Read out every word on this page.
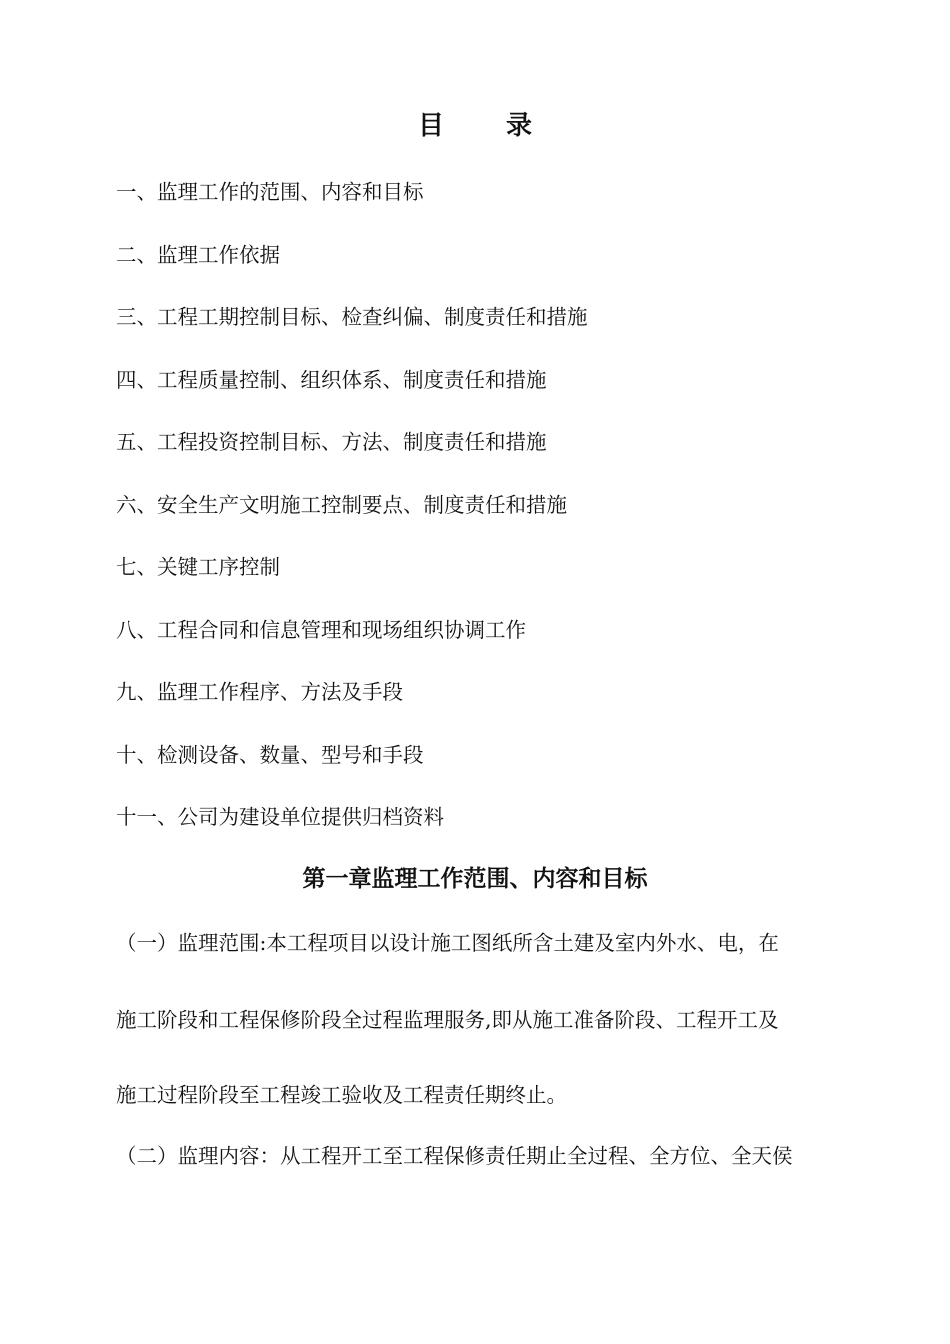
目 录
一、监理工作的范围、内容和目标
二、监理工作依据
三、工程工期控制目标、检查纠偏、制度责任和措施
四、工程质量控制、组织体系、制度责任和措施
五、工程投资控制目标、方法、制度责任和措施
六、安全生产文明施工控制要点、制度责任和措施
七、关键工序控制
八、工程合同和信息管理和现场组织协调工作
九、监理工作程序、方法及手段
十、检测设备、数量、型号和手段
十一、公司为建设单位提供归档资料
第一章监理工作范围、内容和目标

（一）监理范围:本工程项目以设计施工图纸所含土建及室内外水、电，在

施工阶段和工程保修阶段全过程监理服务,即从施工准备阶段、工程开工及

施工过程阶段至工程竣工验收及工程责任期终止。

（二）监理内容：从工程开工至工程保修责任期止全过程、全方位、全天侯
